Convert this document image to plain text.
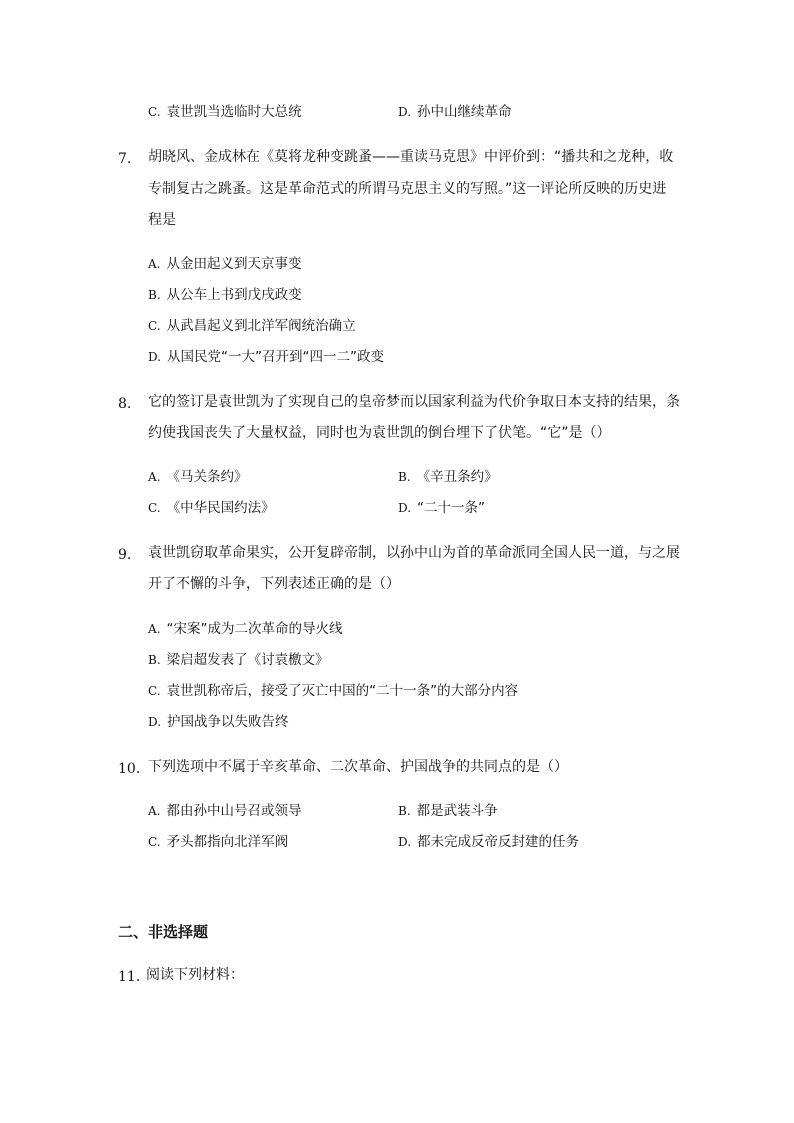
C. 袁世凯当选临时大总统	D. 孙中山继续革命
7. 胡晓风、金成林在《莫将龙种变跳蚤——重读马克思》中评价到：“播共和之龙种，收
专制复古之跳蚤。这是革命范式的所谓马克思主义的写照。”这一评论所反映的历史进
程是
A. 从金田起义到天京事变
B. 从公车上书到戊戌政变
C. 从武昌起义到北洋军阀统治确立
D. 从国民党“一大”召开到“四一二”政变
8. 它的签订是袁世凯为了实现自己的皇帝梦而以国家利益为代价争取日本支持的结果，条
约使我国丧失了大量权益，同时也为袁世凯的倒台埋下了伏笔。“它”是（）
A. 《马关条约》	B. 《辛丑条约》
C. 《中华民国约法》	D. “二十一条”
9. 袁世凯窃取革命果实，公开复辟帝制，以孙中山为首的革命派同全国人民一道，与之展
开了不懈的斗争，下列表述正确的是（）
A. “宋案”成为二次革命的导火线
B. 梁启超发表了《讨袁檄文》
C. 袁世凯称帝后，接受了灭亡中国的“二十一条”的大部分内容
D. 护国战争以失败告终
10. 下列选项中不属于辛亥革命、二次革命、护国战争的共同点的是（）
A. 都由孙中山号召或领导	B. 都是武装斗争
C. 矛头都指向北洋军阀	D. 都未完成反帝反封建的任务
二、非选择题
11. 阅读下列材料：
